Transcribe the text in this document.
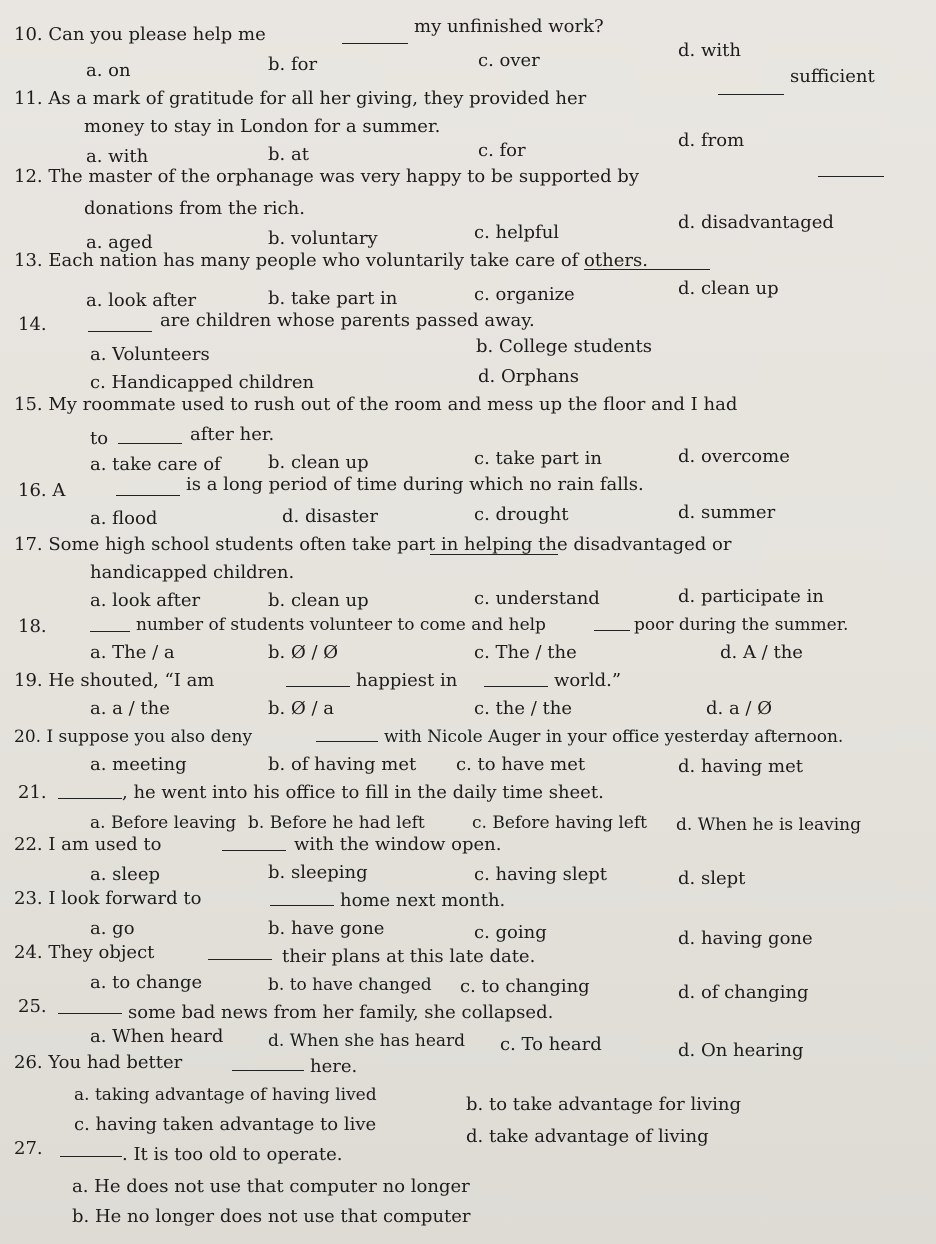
10. Can you please help me	my unfinished work?
a. on	b. for	c. over	d. with
11. As a mark of gratitude for all her giving, they provided her
sufficient
money to stay in London for a summer.
a. with	b. at	c. for	d. from
12. The master of the orphanage was very happy to be supported by
donations from the rich.
a. aged	b. voluntary	c. helpful	d. disadvantaged
13. Each nation has many people who voluntarily take care of others.
a. look after	b. take part in	c. organize	d. clean up
14.	are children whose parents passed away.
a. Volunteers	b. College students
c. Handicapped children	d. Orphans
15. My roommate used to rush out of the room and mess up the floor and I had
to	after her.
a. take care of	b. clean up	c. take part in	d. overcome
16. A	is a long period of time during which no rain falls.
a. flood	d. disaster	c. drought	d. summer
17. Some high school students often take part in helping the disadvantaged or
handicapped children.
a. look after	b. clean up	c. understand	d. participate in
18.	number of students volunteer to come and help	poor during the summer.
a. The / a	b. Ø / Ø	c. The / the	d. A / the
19. He shouted, “I am	happiest in	world.”
a. a / the	b. Ø / a	c. the / the	d. a / Ø
20. I suppose you also deny	with Nicole Auger in your office yesterday afternoon.
a. meeting	b. of having met c. to have met	d. having met
21.	, he went into his office to fill in the daily time sheet.
a. Before leaving b. Before he had left	c. Before having left d. When he is leaving
22. I am used to	with the window open.
a. sleep	b. sleeping	c. having slept	d. slept
23. I look forward to	home next month.
a. go	b. have gone	c. going	d. having gone
24. They object	their plans at this late date.
a. to change	b. to have changed c. to changing	d. of changing
25.	some bad news from her family, she collapsed.
a. When heard	d. When she has heard c. To heard	d. On hearing
26. You had better	here.
a. taking advantage of having lived	b. to take advantage for living
c. having taken advantage to live
d. take advantage of living
27.	. It is too old to operate.
a. He does not use that computer no longer
b. He no longer does not use that computer
